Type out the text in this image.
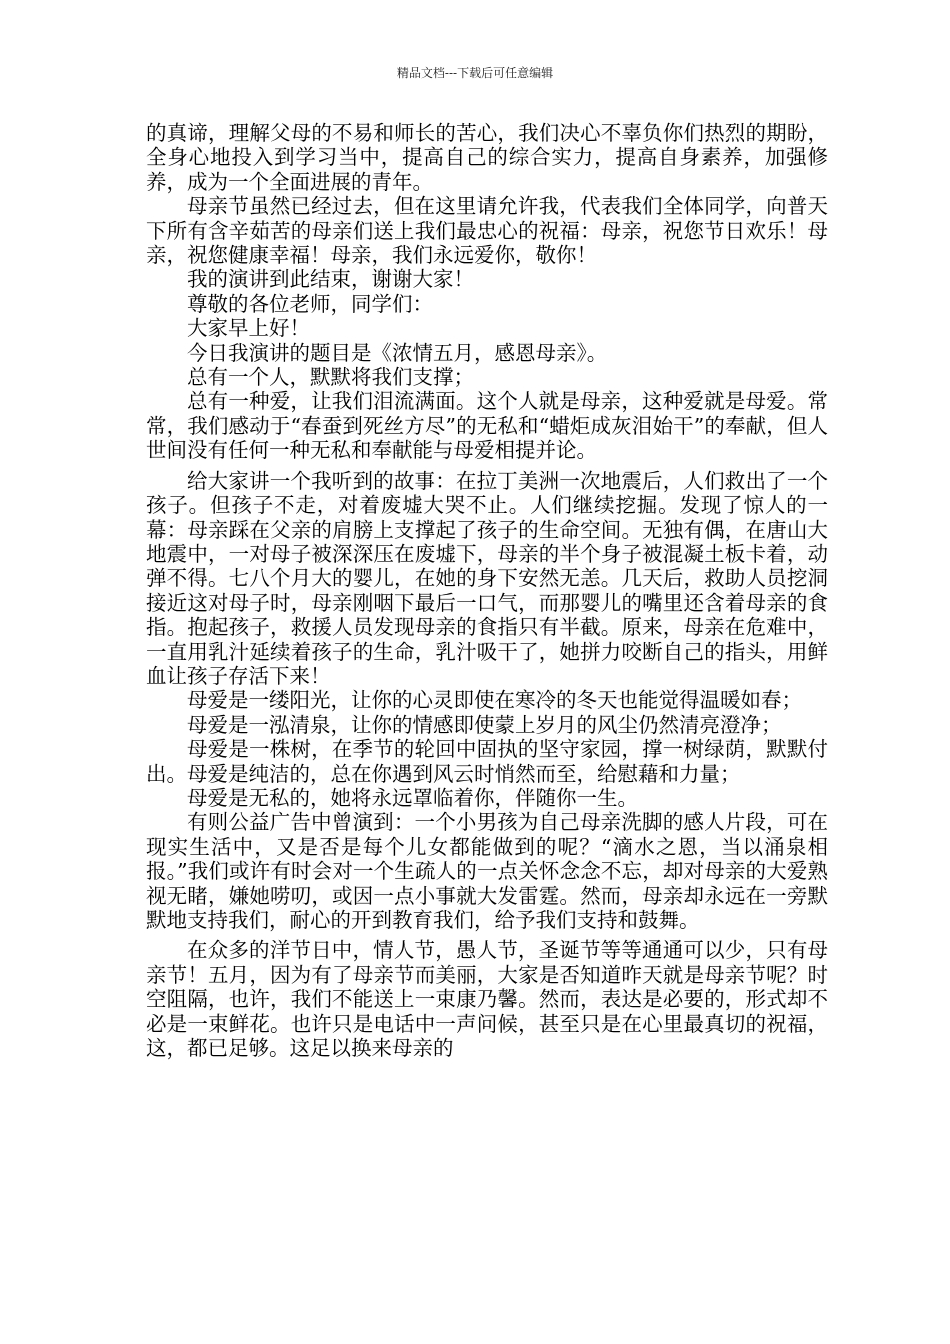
精品文档---下载后可任意编辑

的真谛，理解父母的不易和师长的苦心，我们决心不辜负你们热烈的期盼，全身心地投入到学习当中，提高自己的综合实力，提高自身素养，加强修养，成为一个全面进展的青年。

母亲节虽然已经过去，但在这里请允许我，代表我们全体同学，向普天下所有含辛茹苦的母亲们送上我们最忠心的祝福：母亲，祝您节日欢乐！母亲，祝您健康幸福！母亲，我们永远爱你，敬你！

我的演讲到此结束，谢谢大家！

尊敬的各位老师，同学们：

大家早上好！

今日我演讲的题目是《浓情五月，感恩母亲》。

总有一个人，默默将我们支撑；

总有一种爱，让我们泪流满面。这个人就是母亲，这种爱就是母爱。常常，我们感动于“春蚕到死丝方尽”的无私和“蜡炬成灰泪始干”的奉献，但人世间没有任何一种无私和奉献能与母爱相提并论。

给大家讲一个我听到的故事：在拉丁美洲一次地震后，人们救出了一个孩子。但孩子不走，对着废墟大哭不止。人们继续挖掘。发现了惊人的一幕：母亲踩在父亲的肩膀上支撑起了孩子的生命空间。无独有偶，在唐山大地震中，一对母子被深深压在废墟下，母亲的半个身子被混凝土板卡着，动弹不得。七八个月大的婴儿，在她的身下安然无恙。几天后，救助人员挖洞接近这对母子时，母亲刚咽下最后一口气，而那婴儿的嘴里还含着母亲的食指。抱起孩子，救援人员发现母亲的食指只有半截。原来，母亲在危难中，一直用乳汁延续着孩子的生命，乳汁吸干了，她拼力咬断自己的指头，用鲜血让孩子存活下来！

母爱是一缕阳光，让你的心灵即使在寒冷的冬天也能觉得温暖如春；

母爱是一泓清泉，让你的情感即使蒙上岁月的风尘仍然清亮澄净；

母爱是一株树，在季节的轮回中固执的坚守家园，撑一树绿荫，默默付出。母爱是纯洁的，总在你遇到风云时悄然而至，给慰藉和力量；

母爱是无私的，她将永远罩临着你，伴随你一生。

有则公益广告中曾演到：一个小男孩为自己母亲洗脚的感人片段，可在现实生活中，又是否是每个儿女都能做到的呢？“滴水之恩，当以涌泉相报。”我们或许有时会对一个生疏人的一点关怀念念不忘，却对母亲的大爱熟视无睹，嫌她唠叨，或因一点小事就大发雷霆。然而，母亲却永远在一旁默默地支持我们，耐心的开到教育我们，给予我们支持和鼓舞。

在众多的洋节日中，情人节，愚人节，圣诞节等等通通可以少，只有母亲节！五月，因为有了母亲节而美丽，大家是否知道昨天就是母亲节呢？时空阻隔，也许，我们不能送上一束康乃馨。然而，表达是必要的，形式却不必是一束鲜花。也许只是电话中一声问候，甚至只是在心里最真切的祝福，这，都已足够。这足以换来母亲的
